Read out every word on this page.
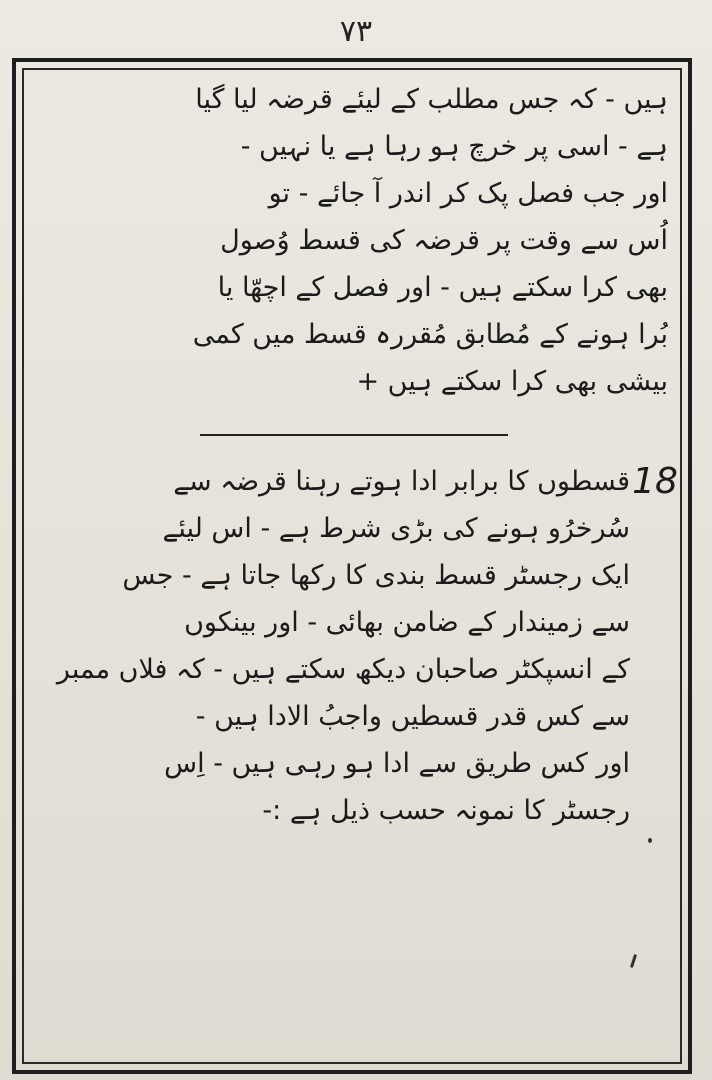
۷۳
ہیں - کہ جس مطلب کے لیئے قرضہ لیا گیا
ہے - اسی پر خرچ ہو رہا ہے یا نہیں -
اور جب فصل پک کر اندر آ جائے - تو
اُس سے وقت پر قرضہ کی قسط وُصول
بھی کرا سکتے ہیں - اور فصل کے اچھّا یا
بُرا ہونے کے مُطابق مُقررہ قسط میں کمی
بیشی بھی کرا سکتے ہیں +
18
قسطوں کا برابر ادا ہوتے رہنا قرضہ سے
سُرخرُو ہونے کی بڑی شرط ہے - اس لیئے
ایک رجسٹر قسط بندی کا رکھا جاتا ہے - جس
سے زمیندار کے ضامن بھائی - اور بینکوں
کے انسپکٹر صاحبان دیکھ سکتے ہیں - کہ فلاں ممبر
سے کس قدر قسطیں واجبُ الادا ہیں -
اور کس طریق سے ادا ہو رہی ہیں - اِس
رجسٹر کا نمونہ حسب ذیل ہے :-
